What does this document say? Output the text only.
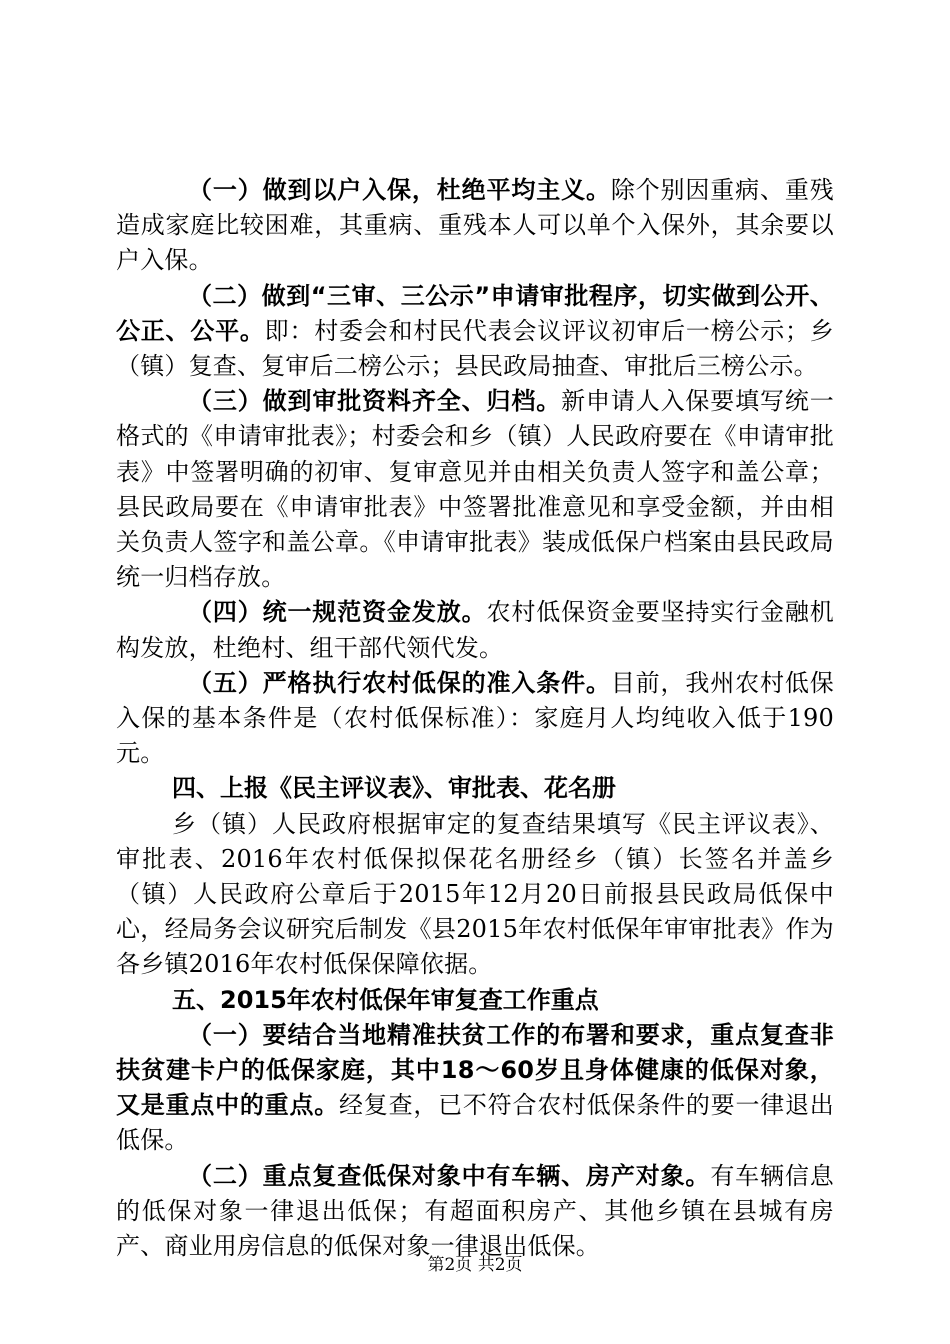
（一）做到以户入保，杜绝平均主义。除个别因重病、重残造成家庭比较困难，其重病、重残本人可以单个入保外，其余要以户入保。

（二）做到“三审、三公示”申请审批程序，切实做到公开、公正、公平。即：村委会和村民代表会议评议初审后一榜公示；乡（镇）复查、复审后二榜公示；县民政局抽查、审批后三榜公示。

（三）做到审批资料齐全、归档。新申请人入保要填写统一格式的《申请审批表》；村委会和乡（镇）人民政府要在《申请审批表》中签署明确的初审、复审意见并由相关负责人签字和盖公章；县民政局要在《申请审批表》中签署批准意见和享受金额，并由相关负责人签字和盖公章。《申请审批表》装成低保户档案由县民政局统一归档存放。

（四）统一规范资金发放。农村低保资金要坚持实行金融机构发放，杜绝村、组干部代领代发。

（五）严格执行农村低保的准入条件。目前，我州农村低保入保的基本条件是（农村低保标准）：家庭月人均纯收入低于190元。

四、上报《民主评议表》、审批表、花名册

乡（镇）人民政府根据审定的复查结果填写《民主评议表》、审批表、2016年农村低保拟保花名册经乡（镇）长签名并盖乡（镇）人民政府公章后于2015年12月20日前报县民政局低保中心，经局务会议研究后制发《县2015年农村低保年审审批表》作为各乡镇2016年农村低保保障依据。

五、2015年农村低保年审复查工作重点

（一）要结合当地精准扶贫工作的布署和要求，重点复查非扶贫建卡户的低保家庭，其中18～60岁且身体健康的低保对象，又是重点中的重点。经复查，已不符合农村低保条件的要一律退出低保。

（二）重点复查低保对象中有车辆、房产对象。有车辆信息的低保对象一律退出低保；有超面积房产、其他乡镇在县城有房产、商业用房信息的低保对象一律退出低保。

第2页 共2页
